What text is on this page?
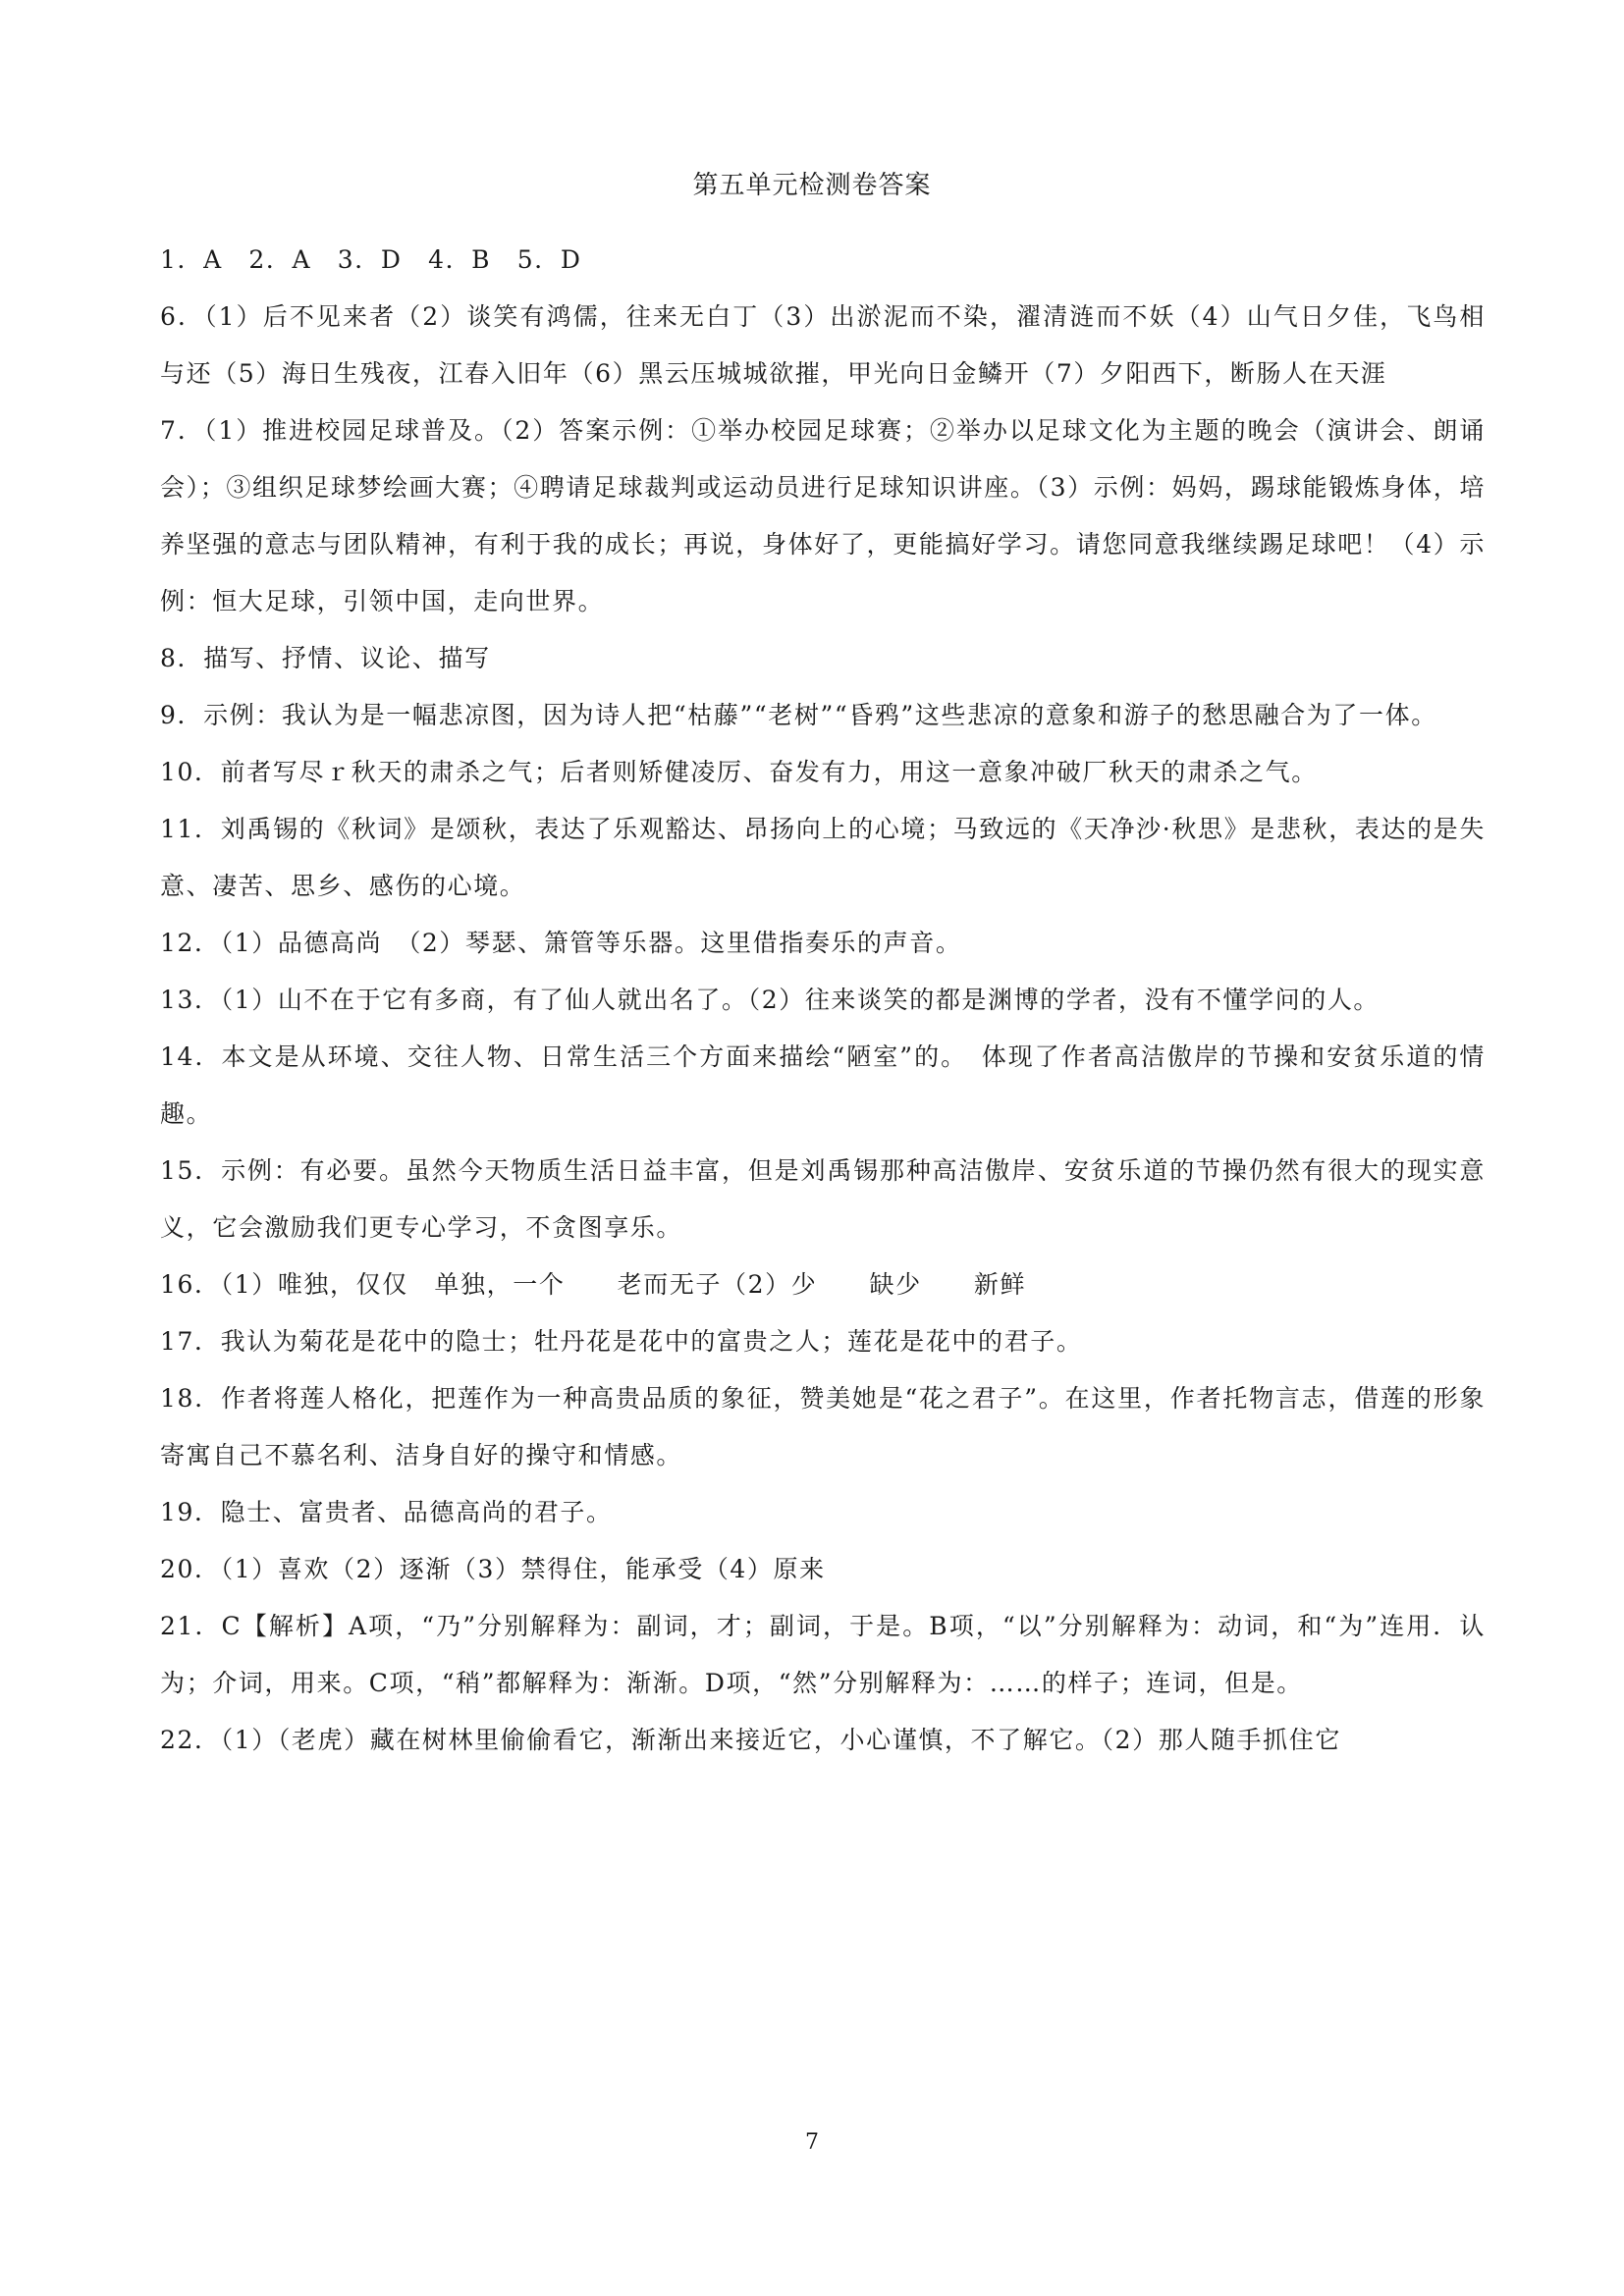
第五单元检测卷答案

1．A　2．A　3．D　4．B　5．D

6．（1）后不见来者（2）谈笑有鸿儒，往来无白丁（3）出淤泥而不染，濯清涟而不妖（4）山气日夕佳，飞鸟相与还（5）海日生残夜，江春入旧年（6）黑云压城城欲摧，甲光向日金鳞开（7）夕阳西下，断肠人在天涯

7．（1）推进校园足球普及。（2）答案示例：①举办校园足球赛；②举办以足球文化为主题的晚会（演讲会、朗诵会）；③组织足球梦绘画大赛；④聘请足球裁判或运动员进行足球知识讲座。（3）示例：妈妈，踢球能锻炼身体，培养坚强的意志与团队精神，有利于我的成长；再说，身体好了，更能搞好学习。请您同意我继续踢足球吧！（4）示例：恒大足球，引领中国，走向世界。

8．描写、抒情、议论、描写

9．示例：我认为是一幅悲凉图，因为诗人把“枯藤”“老树”“昏鸦”这些悲凉的意象和游子的愁思融合为了一体。

10．前者写尽ｒ秋天的肃杀之气；后者则矫健凌厉、奋发有力，用这一意象冲破厂秋天的肃杀之气。

11．刘禹锡的《秋词》是颂秋，表达了乐观豁达、昂扬向上的心境；马致远的《天净沙·秋思》是悲秋，表达的是失意、凄苦、思乡、感伤的心境。

12．（1）品德高尚　（2）琴瑟、箫管等乐器。这里借指奏乐的声音。

13．（1）山不在于它有多商，有了仙人就出名了。（2）往来谈笑的都是渊博的学者，没有不懂学问的人。

14．本文是从环境、交往人物、日常生活三个方面来描绘“陋室”的。　体现了作者高洁傲岸的节操和安贫乐道的情趣。

15．示例：有必要。虽然今天物质生活日益丰富，但是刘禹锡那种高洁傲岸、安贫乐道的节操仍然有很大的现实意义，它会激励我们更专心学习，不贪图享乐。

16．（1）唯独，仅仅　单独，一个　　老而无子（2）少　　缺少　　新鲜

17．我认为菊花是花中的隐士；牡丹花是花中的富贵之人；莲花是花中的君子。

18．作者将莲人格化，把莲作为一种高贵品质的象征，赞美她是“花之君子”。在这里，作者托物言志，借莲的形象寄寓自己不慕名利、洁身自好的操守和情感。

19．隐士、富贵者、品德高尚的君子。

20．（1）喜欢（2）逐渐（3）禁得住，能承受（4）原来

21．C【解析】A项，“乃”分别解释为：副词，才；副词，于是。B项，“以”分别解释为：动词，和“为”连用．认为；介词，用来。C项，“稍”都解释为：渐渐。D项，“然”分别解释为：……的样子；连词，但是。

22．（1）（老虎）藏在树林里偷偷看它，渐渐出来接近它，小心谨慎，不了解它。（2）那人随手抓住它

7
